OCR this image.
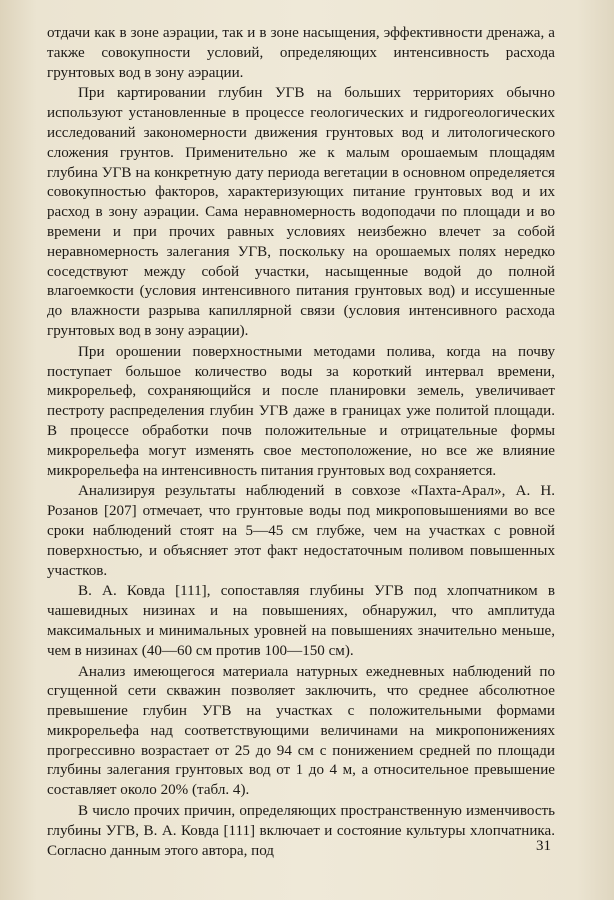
отдачи как в зоне аэрации, так и в зоне насыщения, эффективности дренажа, а также совокупности условий, определяющих интенсивность расхода грунтовых вод в зону аэрации.

При картировании глубин УГВ на больших территориях обычно используют установленные в процессе геологических и гидрогеологических исследований закономерности движения грунтовых вод и литологического сложения грунтов. Применительно же к малым орошаемым площадям глубина УГВ на конкретную дату периода вегетации в основном определяется совокупностью факторов, характеризующих питание грунтовых вод и их расход в зону аэрации. Сама неравномерность водоподачи по площади и во времени и при прочих равных условиях неизбежно влечет за собой неравномерность залегания УГВ, поскольку на орошаемых полях нередко соседствуют между собой участки, насыщенные водой до полной влагоемкости (условия интенсивного питания грунтовых вод) и иссушенные до влажности разрыва капиллярной связи (условия интенсивного расхода грунтовых вод в зону аэрации).

При орошении поверхностными методами полива, когда на почву поступает большое количество воды за короткий интервал времени, микрорельеф, сохраняющийся и после планировки земель, увеличивает пестроту распределения глубин УГВ даже в границах уже политой площади. В процессе обработки почв положительные и отрицательные формы микрорельефа могут изменять свое местоположение, но все же влияние микрорельефа на интенсивность питания грунтовых вод сохраняется.

Анализируя результаты наблюдений в совхозе «Пахта-Арал», А. Н. Розанов [207] отмечает, что грунтовые воды под микроповышениями во все сроки наблюдений стоят на 5—45 см глубже, чем на участках с ровной поверхностью, и объясняет этот факт недостаточным поливом повышенных участков.

В. А. Ковда [111], сопоставляя глубины УГВ под хлопчатником в чашевидных низинах и на повышениях, обнаружил, что амплитуда максимальных и минимальных уровней на повышениях значительно меньше, чем в низинах (40—60 см против 100—150 см).

Анализ имеющегося материала натурных ежедневных наблюдений по сгущенной сети скважин позволяет заключить, что среднее абсолютное превышение глубин УГВ на участках с положительными формами микрорельефа над соответствующими величинами на микропонижениях прогрессивно возрастает от 25 до 94 см с понижением средней по площади глубины залегания грунтовых вод от 1 до 4 м, а относительное превышение составляет около 20% (табл. 4).

В число прочих причин, определяющих пространственную изменчивость глубины УГВ, В. А. Ковда [111] включает и состояние культуры хлопчатника. Согласно данным этого автора, под	31
